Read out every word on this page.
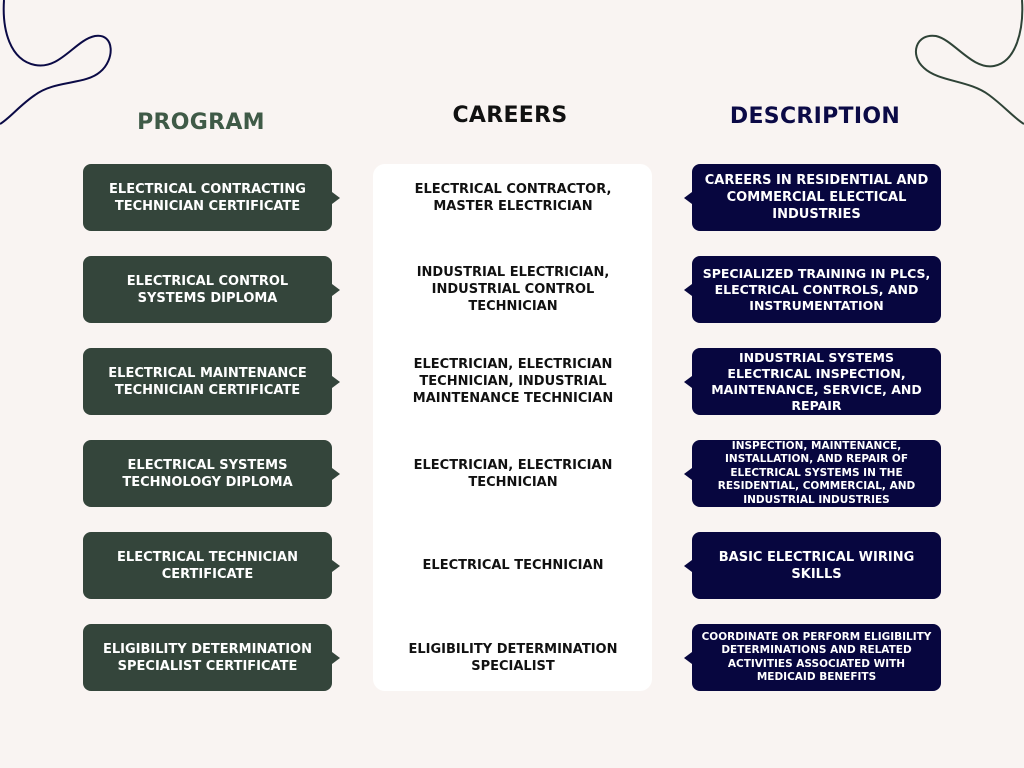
PROGRAM	CAREERS	DESCRIPTION
ELECTRICAL CONTRACTING TECHNICIAN CERTIFICATE
ELECTRICAL CONTRACTOR, MASTER ELECTRICIAN
CAREERS IN RESIDENTIAL AND COMMERCIAL ELECTICAL INDUSTRIES
ELECTRICAL CONTROL SYSTEMS DIPLOMA
INDUSTRIAL ELECTRICIAN, INDUSTRIAL CONTROL TECHNICIAN
SPECIALIZED TRAINING IN PLCS, ELECTRICAL CONTROLS, AND INSTRUMENTATION
ELECTRICAL MAINTENANCE TECHNICIAN CERTIFICATE
ELECTRICIAN, ELECTRICIAN TECHNICIAN, INDUSTRIAL MAINTENANCE TECHNICIAN
INDUSTRIAL SYSTEMS ELECTRICAL INSPECTION, MAINTENANCE, SERVICE, AND REPAIR
ELECTRICAL SYSTEMS TECHNOLOGY DIPLOMA
ELECTRICIAN, ELECTRICIAN TECHNICIAN
INSPECTION, MAINTENANCE, INSTALLATION, AND REPAIR OF ELECTRICAL SYSTEMS IN THE RESIDENTIAL, COMMERCIAL, AND INDUSTRIAL INDUSTRIES
ELECTRICAL TECHNICIAN CERTIFICATE
ELECTRICAL TECHNICIAN
BASIC ELECTRICAL WIRING SKILLS
ELIGIBILITY DETERMINATION SPECIALIST CERTIFICATE
ELIGIBILITY DETERMINATION SPECIALIST
COORDINATE OR PERFORM ELIGIBILITY DETERMINATIONS AND RELATED ACTIVITIES ASSOCIATED WITH MEDICAID BENEFITS
